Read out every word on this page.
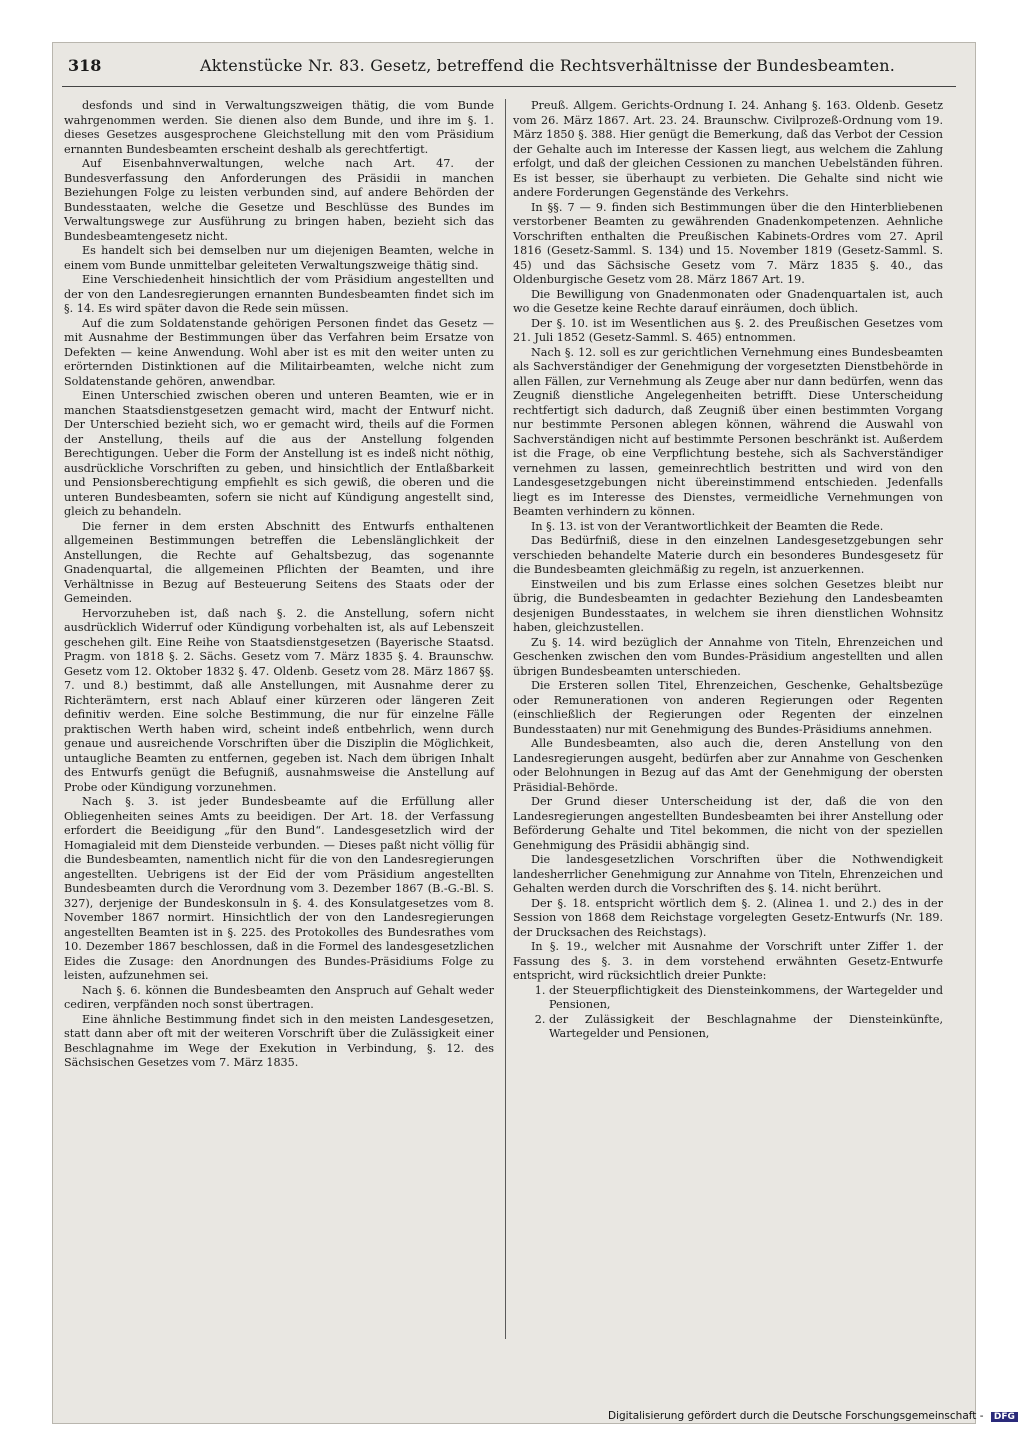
318	Aktenstücke Nr. 83. Gesetz, betreffend die Rechtsverhältnisse der Bundesbeamten.

desfonds und sind in Verwaltungszweigen thätig, die vom Bunde wahrgenommen werden. Sie dienen also dem Bunde, und ihre im §. 1. dieses Gesetzes ausgesprochene Gleichstellung mit den vom Präsidium ernannten Bundesbeamten erscheint deshalb als gerechtfertigt.

Auf Eisenbahnverwaltungen, welche nach Art. 47. der Bundesverfassung den Anforderungen des Präsidii in manchen Beziehungen Folge zu leisten verbunden sind, auf andere Behörden der Bundesstaaten, welche die Gesetze und Beschlüsse des Bundes im Verwaltungswege zur Ausführung zu bringen haben, bezieht sich das Bundesbeamtengesetz nicht.

Es handelt sich bei demselben nur um diejenigen Beamten, welche in einem vom Bunde unmittelbar geleiteten Verwaltungszweige thätig sind.

Eine Verschiedenheit hinsichtlich der vom Präsidium angestellten und der von den Landesregierungen ernannten Bundesbeamten findet sich im §. 14. Es wird später davon die Rede sein müssen.

Auf die zum Soldatenstande gehörigen Personen findet das Gesetz — mit Ausnahme der Bestimmungen über das Verfahren beim Ersatze von Defekten — keine Anwendung. Wohl aber ist es mit den weiter unten zu erörternden Distinktionen auf die Militairbeamten, welche nicht zum Soldatenstande gehören, anwendbar.

Einen Unterschied zwischen oberen und unteren Beamten, wie er in manchen Staatsdienstgesetzen gemacht wird, macht der Entwurf nicht. Der Unterschied bezieht sich, wo er gemacht wird, theils auf die Formen der Anstellung, theils auf die aus der Anstellung folgenden Berechtigungen. Ueber die Form der Anstellung ist es indeß nicht nöthig, ausdrückliche Vorschriften zu geben, und hinsichtlich der Entlaßbarkeit und Pensionsberechtigung empfiehlt es sich gewiß, die oberen und die unteren Bundesbeamten, sofern sie nicht auf Kündigung angestellt sind, gleich zu behandeln.

Die ferner in dem ersten Abschnitt des Entwurfs enthaltenen allgemeinen Bestimmungen betreffen die Lebenslänglichkeit der Anstellungen, die Rechte auf Gehaltsbezug, das sogenannte Gnadenquartal, die allgemeinen Pflichten der Beamten, und ihre Verhältnisse in Bezug auf Besteuerung Seitens des Staats oder der Gemeinden.

Hervorzuheben ist, daß nach §. 2. die Anstellung, sofern nicht ausdrücklich Widerruf oder Kündigung vorbehalten ist, als auf Lebenszeit geschehen gilt. Eine Reihe von Staatsdienstgesetzen (Bayerische Staatsd. Pragm. von 1818 §. 2. Sächs. Gesetz vom 7. März 1835 §. 4. Braunschw. Gesetz vom 12. Oktober 1832 §. 47. Oldenb. Gesetz vom 28. März 1867 §§. 7. und 8.) bestimmt, daß alle Anstellungen, mit Ausnahme derer zu Richterämtern, erst nach Ablauf einer kürzeren oder längeren Zeit definitiv werden. Eine solche Bestimmung, die nur für einzelne Fälle praktischen Werth haben wird, scheint indeß entbehrlich, wenn durch genaue und ausreichende Vorschriften über die Disziplin die Möglichkeit, untaugliche Beamten zu entfernen, gegeben ist. Nach dem übrigen Inhalt des Entwurfs genügt die Befugniß, ausnahmsweise die Anstellung auf Probe oder Kündigung vorzunehmen.

Nach §. 3. ist jeder Bundesbeamte auf die Erfüllung aller Obliegenheiten seines Amts zu beeidigen. Der Art. 18. der Verfassung erfordert die Beeidigung „für den Bund“. Landesgesetzlich wird der Homagialeid mit dem Diensteide verbunden. — Dieses paßt nicht völlig für die Bundesbeamten, namentlich nicht für die von den Landesregierungen angestellten. Uebrigens ist der Eid der vom Präsidium angestellten Bundesbeamten durch die Verordnung vom 3. Dezember 1867 (B.-G.-Bl. S. 327), derjenige der Bundeskonsuln in §. 4. des Konsulatgesetzes vom 8. November 1867 normirt. Hinsichtlich der von den Landesregierungen angestellten Beamten ist in §. 225. des Protokolles des Bundesrathes vom 10. Dezember 1867 beschlossen, daß in die Formel des landesgesetzlichen Eides die Zusage: den Anordnungen des Bundes-Präsidiums Folge zu leisten, aufzunehmen sei.

Nach §. 6. können die Bundesbeamten den Anspruch auf Gehalt weder cediren, verpfänden noch sonst übertragen.

Eine ähnliche Bestimmung findet sich in den meisten Landesgesetzen, statt dann aber oft mit der weiteren Vorschrift über die Zulässigkeit einer Beschlagnahme im Wege der Exekution in Verbindung, §. 12. des Sächsischen Gesetzes vom 7. März 1835.

Preuß. Allgem. Gerichts-Ordnung I. 24. Anhang §. 163. Oldenb. Gesetz vom 26. März 1867. Art. 23. 24. Braunschw. Civilprozeß-Ordnung vom 19. März 1850 §. 388. Hier genügt die Bemerkung, daß das Verbot der Cession der Gehalte auch im Interesse der Kassen liegt, aus welchem die Zahlung erfolgt, und daß der gleichen Cessionen zu manchen Uebelständen führen. Es ist besser, sie überhaupt zu verbieten. Die Gehalte sind nicht wie andere Forderungen Gegenstände des Verkehrs.

In §§. 7 — 9. finden sich Bestimmungen über die den Hinterbliebenen verstorbener Beamten zu gewährenden Gnadenkompetenzen. Aehnliche Vorschriften enthalten die Preußischen Kabinets-Ordres vom 27. April 1816 (Gesetz-Samml. S. 134) und 15. November 1819 (Gesetz-Samml. S. 45) und das Sächsische Gesetz vom 7. März 1835 §. 40., das Oldenburgische Gesetz vom 28. März 1867 Art. 19.

Die Bewilligung von Gnadenmonaten oder Gnadenquartalen ist, auch wo die Gesetze keine Rechte darauf einräumen, doch üblich.

Der §. 10. ist im Wesentlichen aus §. 2. des Preußischen Gesetzes vom 21. Juli 1852 (Gesetz-Samml. S. 465) entnommen.

Nach §. 12. soll es zur gerichtlichen Vernehmung eines Bundesbeamten als Sachverständiger der Genehmigung der vorgesetzten Dienstbehörde in allen Fällen, zur Vernehmung als Zeuge aber nur dann bedürfen, wenn das Zeugniß dienstliche Angelegenheiten betrifft. Diese Unterscheidung rechtfertigt sich dadurch, daß Zeugniß über einen bestimmten Vorgang nur bestimmte Personen ablegen können, während die Auswahl von Sachverständigen nicht auf bestimmte Personen beschränkt ist. Außerdem ist die Frage, ob eine Verpflichtung bestehe, sich als Sachverständiger vernehmen zu lassen, gemeinrechtlich bestritten und wird von den Landesgesetzgebungen nicht übereinstimmend entschieden. Jedenfalls liegt es im Interesse des Dienstes, vermeidliche Vernehmungen von Beamten verhindern zu können.

In §. 13. ist von der Verantwortlichkeit der Beamten die Rede.

Das Bedürfniß, diese in den einzelnen Landesgesetzgebungen sehr verschieden behandelte Materie durch ein besonderes Bundesgesetz für die Bundesbeamten gleichmäßig zu regeln, ist anzuerkennen.

Einstweilen und bis zum Erlasse eines solchen Gesetzes bleibt nur übrig, die Bundesbeamten in gedachter Beziehung den Landesbeamten desjenigen Bundesstaates, in welchem sie ihren dienstlichen Wohnsitz haben, gleichzustellen.

Zu §. 14. wird bezüglich der Annahme von Titeln, Ehrenzeichen und Geschenken zwischen den vom Bundes-Präsidium angestellten und allen übrigen Bundesbeamten unterschieden.

Die Ersteren sollen Titel, Ehrenzeichen, Geschenke, Gehaltsbezüge oder Remunerationen von anderen Regierungen oder Regenten (einschließlich der Regierungen oder Regenten der einzelnen Bundesstaaten) nur mit Genehmigung des Bundes-Präsidiums annehmen.

Alle Bundesbeamten, also auch die, deren Anstellung von den Landesregierungen ausgeht, bedürfen aber zur Annahme von Geschenken oder Belohnungen in Bezug auf das Amt der Genehmigung der obersten Präsidial-Behörde.

Der Grund dieser Unterscheidung ist der, daß die von den Landesregierungen angestellten Bundesbeamten bei ihrer Anstellung oder Beförderung Gehalte und Titel bekommen, die nicht von der speziellen Genehmigung des Präsidii abhängig sind.

Die landesgesetzlichen Vorschriften über die Nothwendigkeit landesherrlicher Genehmigung zur Annahme von Titeln, Ehrenzeichen und Gehalten werden durch die Vorschriften des §. 14. nicht berührt.

Der §. 18. entspricht wörtlich dem §. 2. (Alinea 1. und 2.) des in der Session von 1868 dem Reichstage vorgelegten Gesetz-Entwurfs (Nr. 189. der Drucksachen des Reichstags).

In §. 19., welcher mit Ausnahme der Vorschrift unter Ziffer 1. der Fassung des §. 3. in dem vorstehend erwähnten Gesetz-Entwurfe entspricht, wird rücksichtlich dreier Punkte:

1. der Steuerpflichtigkeit des Diensteinkommens, der Wartegelder und Pensionen,
2. der Zulässigkeit der Beschlagnahme der Diensteinkünfte, Wartegelder und Pensionen,
Digitalisierung gefördert durch die Deutsche Forschungsgemeinschaft - DFG
